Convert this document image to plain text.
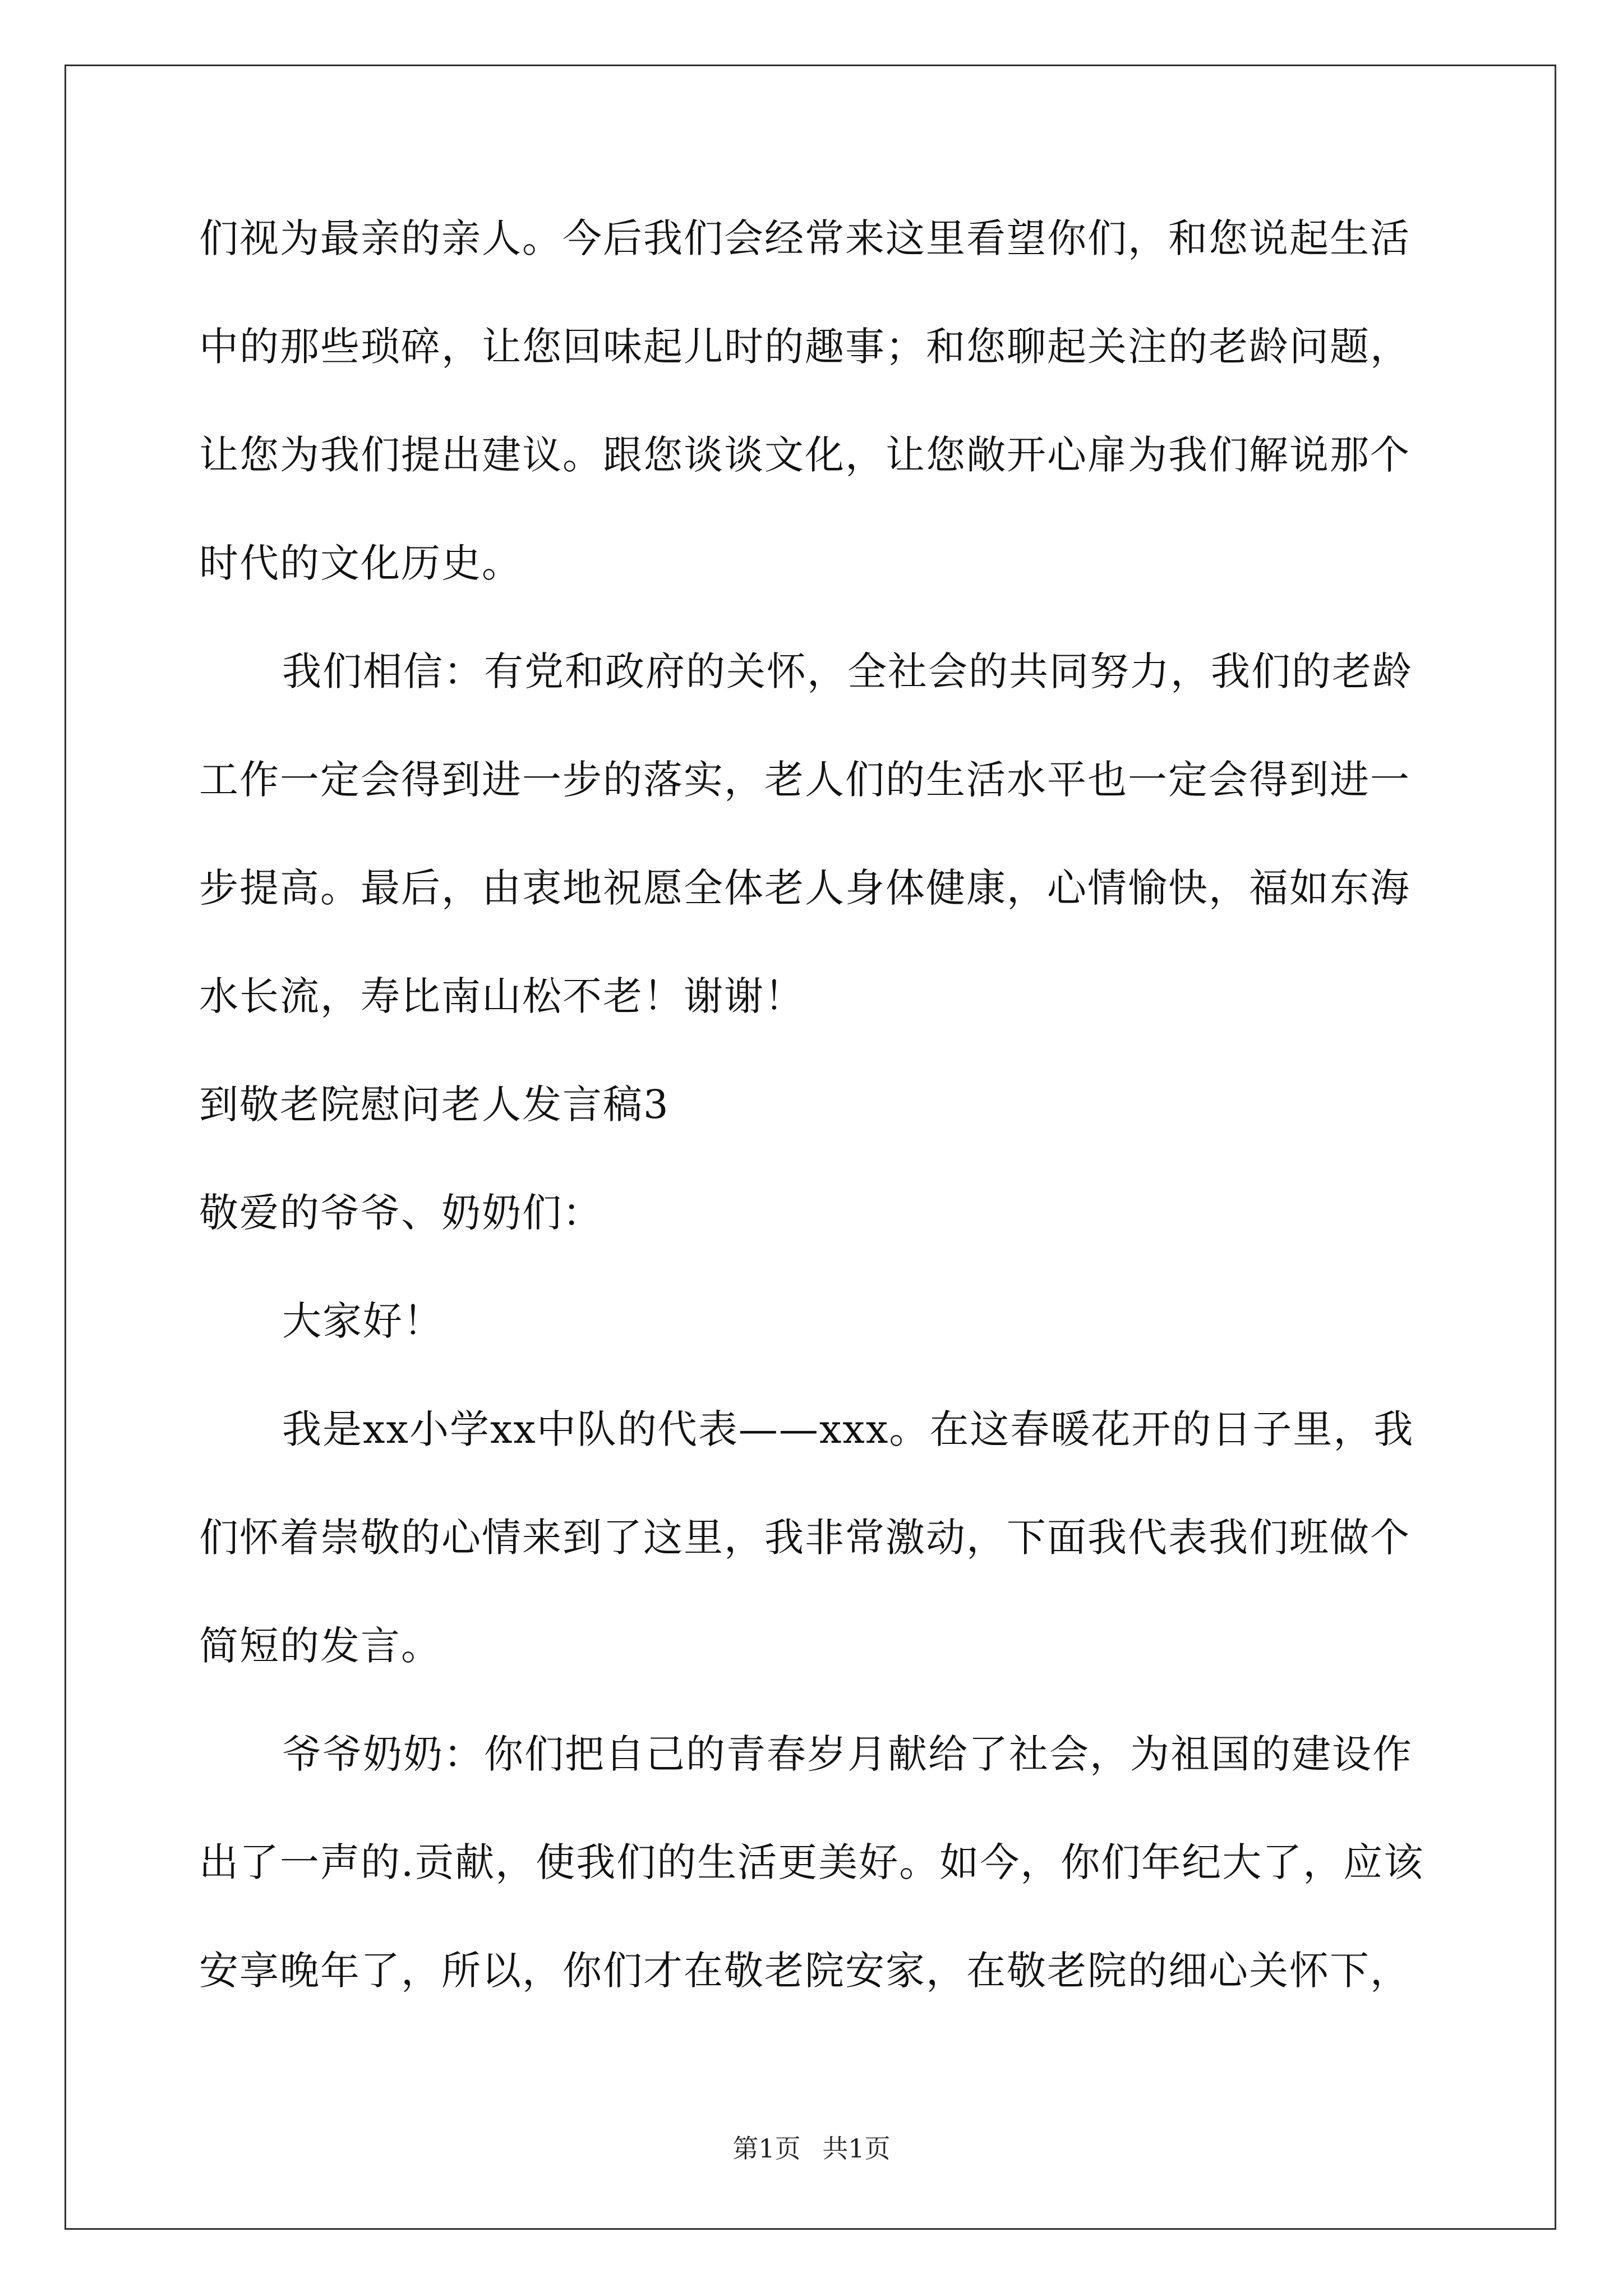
们视为最亲的亲人。今后我们会经常来这里看望你们，和您说起生活
中的那些琐碎，让您回味起儿时的趣事；和您聊起关注的老龄问题，
让您为我们提出建议。跟您谈谈文化，让您敞开心扉为我们解说那个
时代的文化历史。
我们相信：有党和政府的关怀，全社会的共同努力，我们的老龄
工作一定会得到进一步的落实，老人们的生活水平也一定会得到进一
步提高。最后，由衷地祝愿全体老人身体健康，心情愉快，福如东海
水长流，寿比南山松不老！谢谢！
到敬老院慰问老人发言稿3
敬爱的爷爷、奶奶们：
大家好！
我是xx小学xx中队的代表——xxx。在这春暖花开的日子里，我
们怀着崇敬的心情来到了这里，我非常激动，下面我代表我们班做个
简短的发言。
爷爷奶奶：你们把自己的青春岁月献给了社会，为祖国的建设作
出了一声的.贡献，使我们的生活更美好。如今，你们年纪大了，应该
安享晚年了，所以，你们才在敬老院安家，在敬老院的细心关怀下，
第1页 共1页
